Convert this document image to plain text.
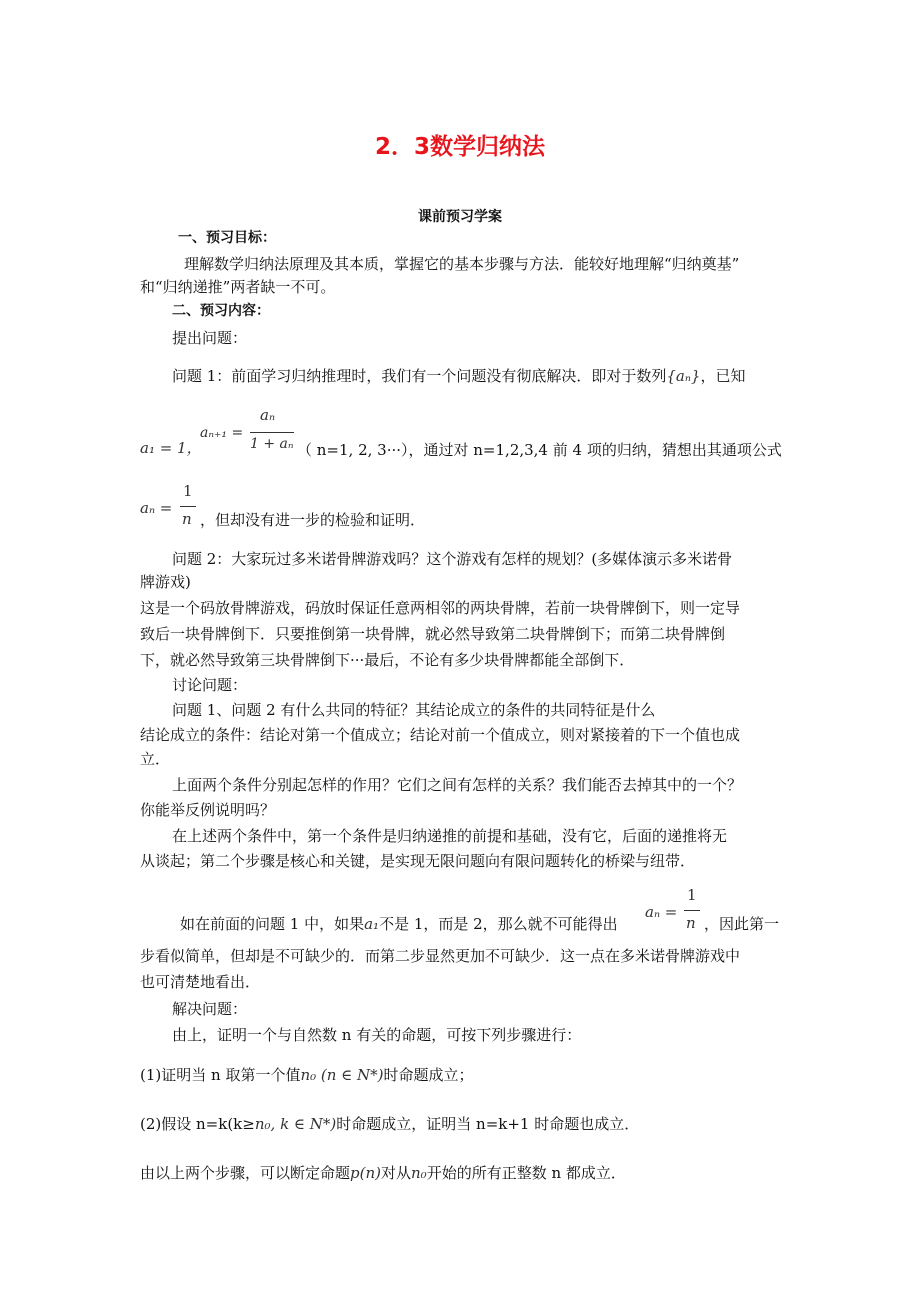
2．3数学归纳法
课前预习学案
一、预习目标：
理解数学归纳法原理及其本质，掌握它的基本步骤与方法．能较好地理解“归纳奠基”
和“归纳递推”两者缺一不可。
二、预习内容：
提出问题：
问题 1：前面学习归纳推理时，我们有一个问题没有彻底解决．即对于数列{aₙ}，已知
a₁ = 1，
aₙ₊₁ =
aₙ
1 + aₙ （ n=1, 2, 3···），通过对 n=1,2,3,4 前 4 项的归纳，猜想出其通项公式
aₙ =
1
n ，但却没有进一步的检验和证明．
问题 2：大家玩过多米诺骨牌游戏吗？这个游戏有怎样的规划？(多媒体演示多米诺骨
牌游戏)
这是一个码放骨牌游戏，码放时保证任意两相邻的两块骨牌，若前一块骨牌倒下，则一定导
致后一块骨牌倒下．只要推倒第一块骨牌，就必然导致第二块骨牌倒下；而第二块骨牌倒
下，就必然导致第三块骨牌倒下···最后，不论有多少块骨牌都能全部倒下．
讨论问题：
问题 1、问题 2 有什么共同的特征？其结论成立的条件的共同特征是什么
结论成立的条件：结论对第一个值成立；结论对前一个值成立，则对紧接着的下一个值也成
立．
上面两个条件分别起怎样的作用？它们之间有怎样的关系？我们能否去掉其中的一个？
你能举反例说明吗？
在上述两个条件中，第一个条件是归纳递推的前提和基础，没有它，后面的递推将无
从谈起；第二个步骤是核心和关键，是实现无限问题向有限问题转化的桥梁与纽带．
如在前面的问题 1 中，如果a₁不是 1，而是 2，那么就不可能得出
aₙ =
1
n ，因此第一
步看似简单，但却是不可缺少的．而第二步显然更加不可缺少．这一点在多米诺骨牌游戏中
也可清楚地看出．
解决问题：
由上，证明一个与自然数 n 有关的命题，可按下列步骤进行：
(1)证明当 n 取第一个值n₀ (n ∈ N*)时命题成立；
(2)假设 n=k(k≥n₀, k ∈ N*)时命题成立，证明当 n=k+1 时命题也成立．
由以上两个步骤，可以断定命题p(n)对从n₀开始的所有正整数 n 都成立．
